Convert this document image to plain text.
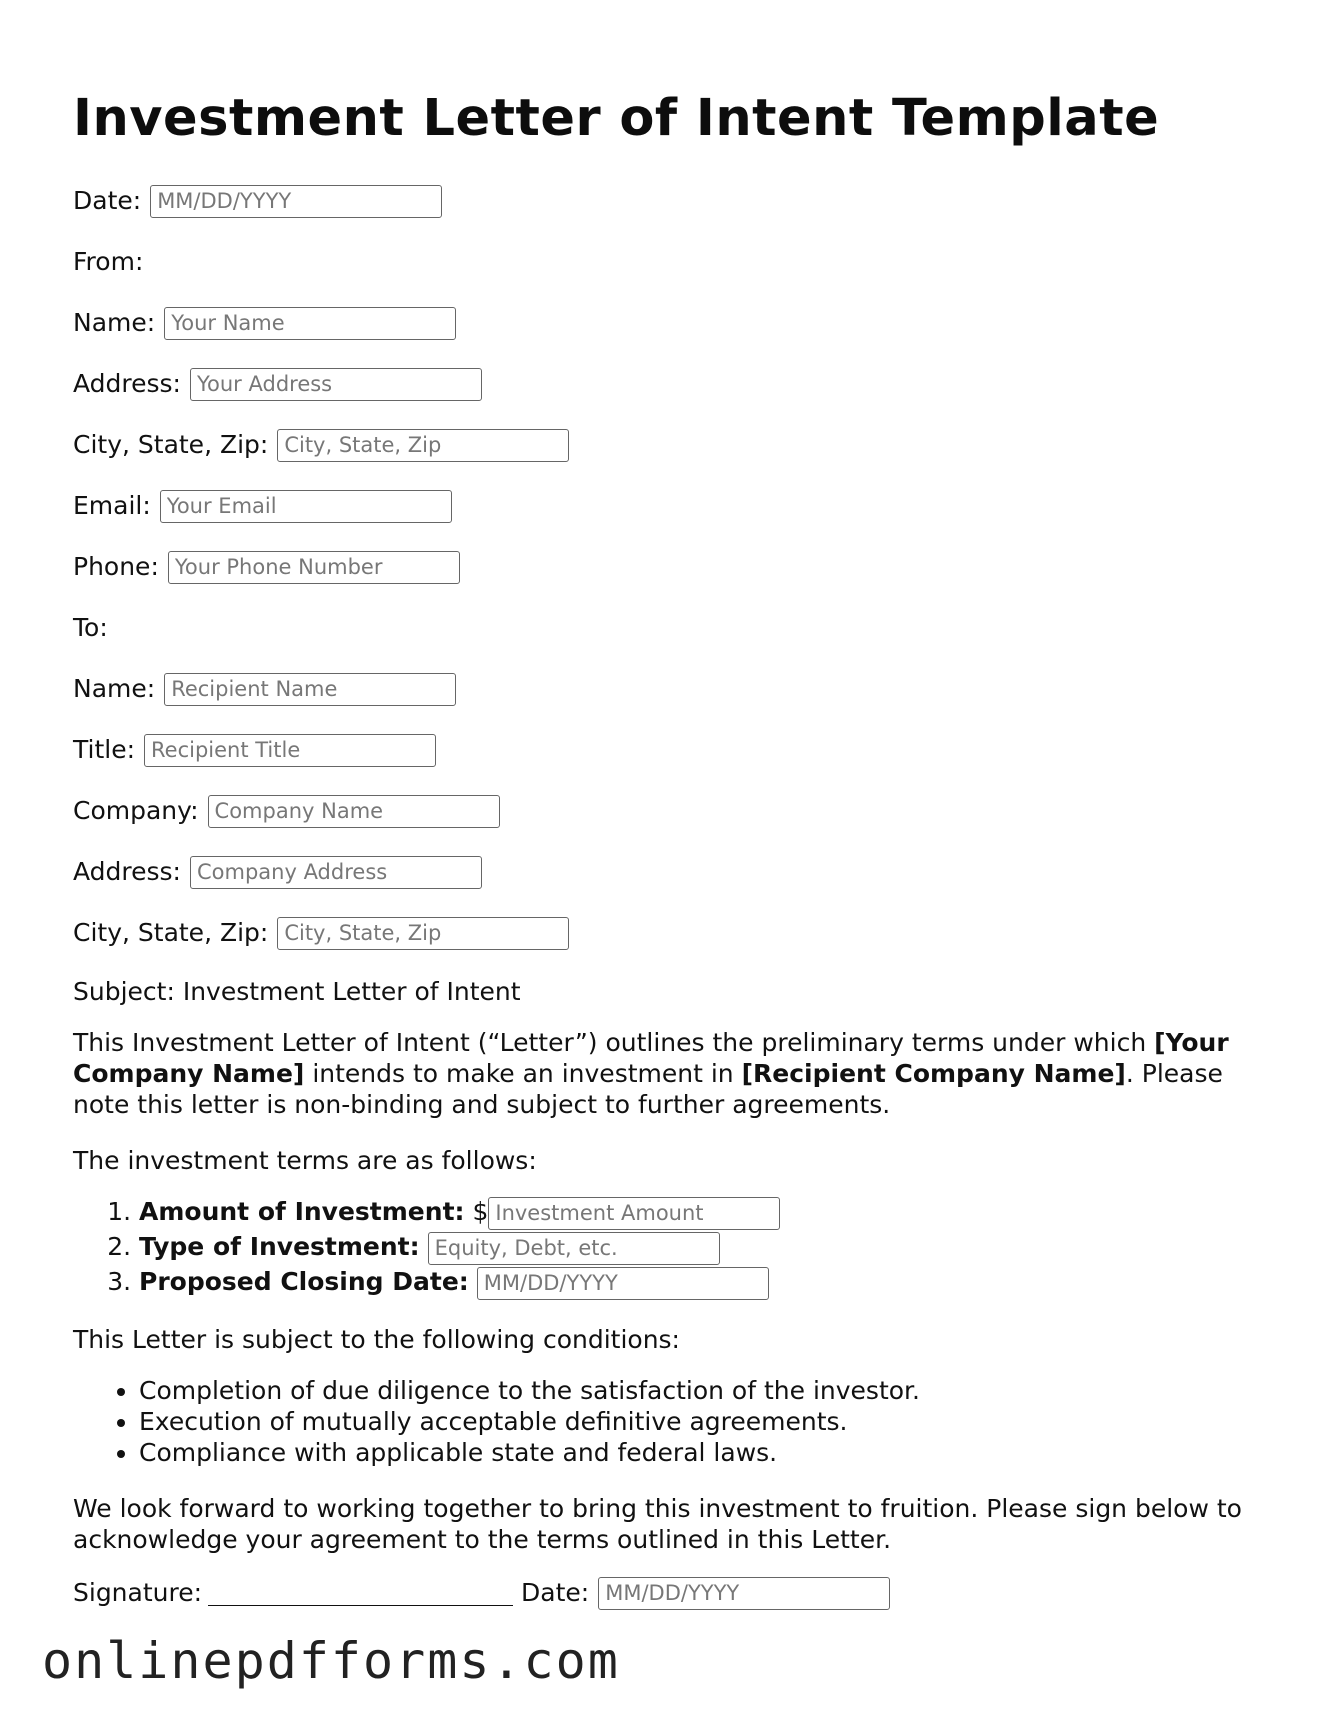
Investment Letter of Intent Template
Date:
MM/DD/YYYY
From:
Name:
Your Name
Address:
Your Address
City, State, Zip:
City, State, Zip
Email:
Your Email
Phone:
Your Phone Number
To:
Name:
Recipient Name
Title:
Recipient Title
Company:
Company Name
Address:
Company Address
City, State, Zip:
City, State, Zip

Subject: Investment Letter of Intent

This Investment Letter of Intent (“Letter”) outlines the preliminary terms under which [Your Company Name] intends to make an investment in [Recipient Company Name]. Please note this letter is non-binding and subject to further agreements.

The investment terms are as follows:

1. Amount of Investment: $Investment Amount
2. Type of Investment: Equity, Debt, etc.
3. Proposed Closing Date: MM/DD/YYYY

This Letter is subject to the following conditions:

• Completion of due diligence to the satisfaction of the investor.
• Execution of mutually acceptable definitive agreements.
• Compliance with applicable state and federal laws.

We look forward to working together to bring this investment to fruition. Please sign below to acknowledge your agreement to the terms outlined in this Letter.

Signature:	Date:
MM/DD/YYYY
onlinepdfforms.com
